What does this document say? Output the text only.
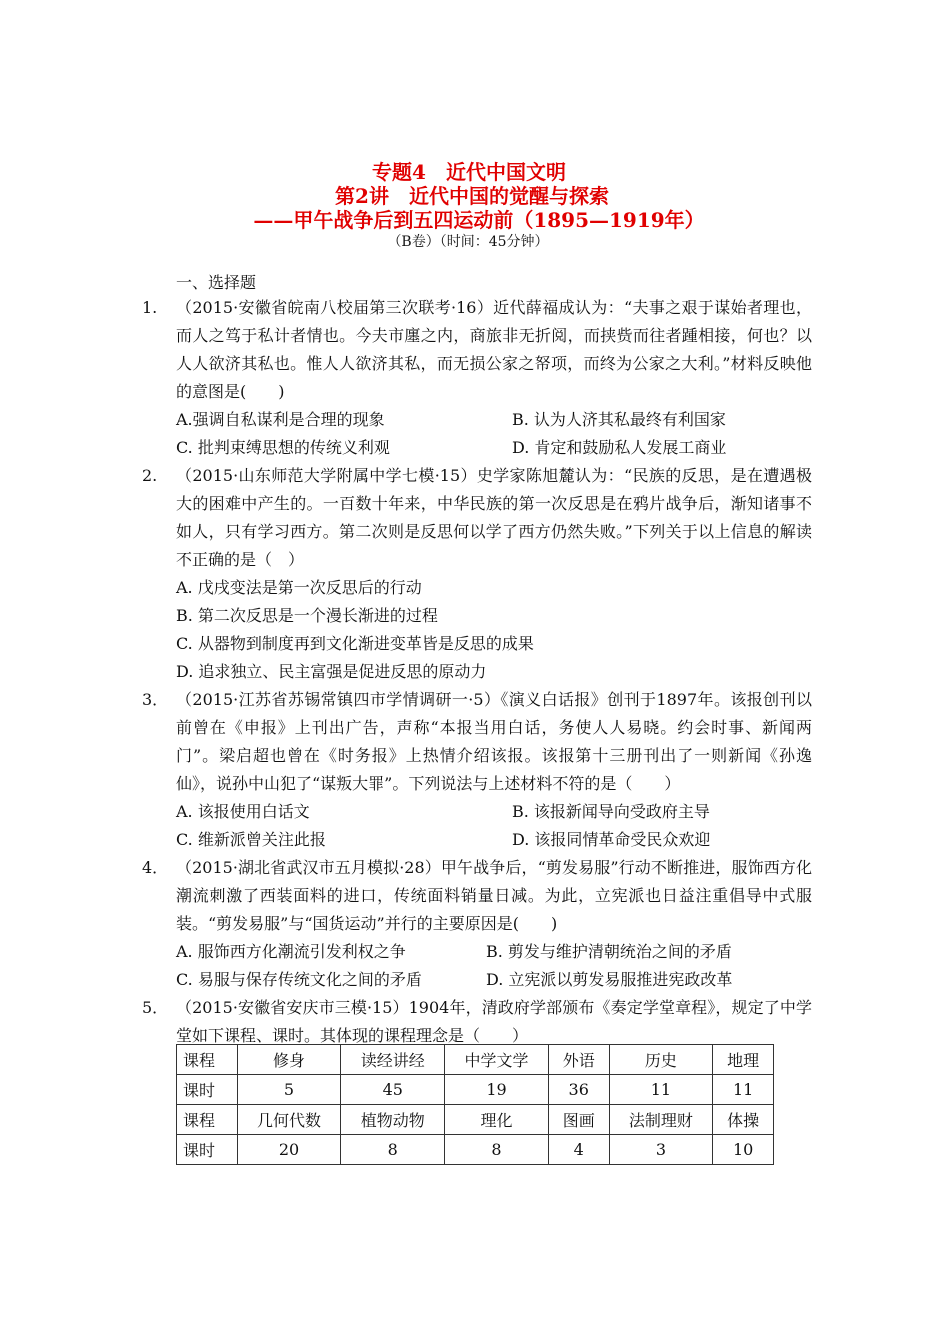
专题4　近代中国文明
第2讲　近代中国的觉醒与探索
——甲午战争后到五四运动前（1895—1919年）
（B卷）（时间：45分钟）
一、选择题
1.	（2015·安徽省皖南八校届第三次联考·16）近代薛福成认为：“夫事之艰于谋始者理也，而人之笃于私计者情也。今夫市廛之内，商旅非无折阅，而挟赀而往者踵相接，何也？以人人欲济其私也。惟人人欲济其私，而无损公家之帑项，而终为公家之大利。”材料反映他的意图是(　　)
A.强调自私谋利是合理的现象	B. 认为人济其私最终有利国家
C. 批判束缚思想的传统义利观	D. 肯定和鼓励私人发展工商业
2.	（2015·山东师范大学附属中学七模·15）史学家陈旭麓认为：“民族的反思，是在遭遇极大的困难中产生的。一百数十年来，中华民族的第一次反思是在鸦片战争后，渐知诸事不如人，只有学习西方。第二次则是反思何以学了西方仍然失败。”下列关于以上信息的解读不正确的是（　）
A. 戊戌变法是第一次反思后的行动
B. 第二次反思是一个漫长渐进的过程
C. 从器物到制度再到文化渐进变革皆是反思的成果
D. 追求独立、民主富强是促进反思的原动力
3． （2015·江苏省苏锡常镇四市学情调研一·5）《演义白话报》创刊于1897年。该报创刊以前曾在《申报》上刊出广告，声称“本报当用白话，务使人人易晓。约会时事、新闻两门”。梁启超也曾在《时务报》上热情介绍该报。该报第十三册刊出了一则新闻《孙逸仙》，说孙中山犯了“谋叛大罪”。下列说法与上述材料不符的是（　　）
A. 该报使用白话文	B. 该报新闻导向受政府主导
C. 维新派曾关注此报	D. 该报同情革命受民众欢迎
4． （2015·湖北省武汉市五月模拟·28）甲午战争后，“剪发易服”行动不断推进，服饰西方化潮流刺激了西装面料的进口，传统面料销量日减。为此，立宪派也日益注重倡导中式服装。“剪发易服”与“国货运动”并行的主要原因是(　　)
A. 服饰西方化潮流引发利权之争	B. 剪发与维护清朝统治之间的矛盾
C. 易服与保存传统文化之间的矛盾	D. 立宪派以剪发易服推进宪政改革
5． （2015·安徽省安庆市三模·15）1904年，清政府学部颁布《奏定学堂章程》，规定了中学堂如下课程、课时。其体现的课程理念是（　　）
课程	修身	读经讲经	中学文学	外语	历史	地理
课时	5	45	19	36	11	11
课程	几何代数	植物动物	理化	图画	法制理财	体操
课时	20	8	8	4	3	10
